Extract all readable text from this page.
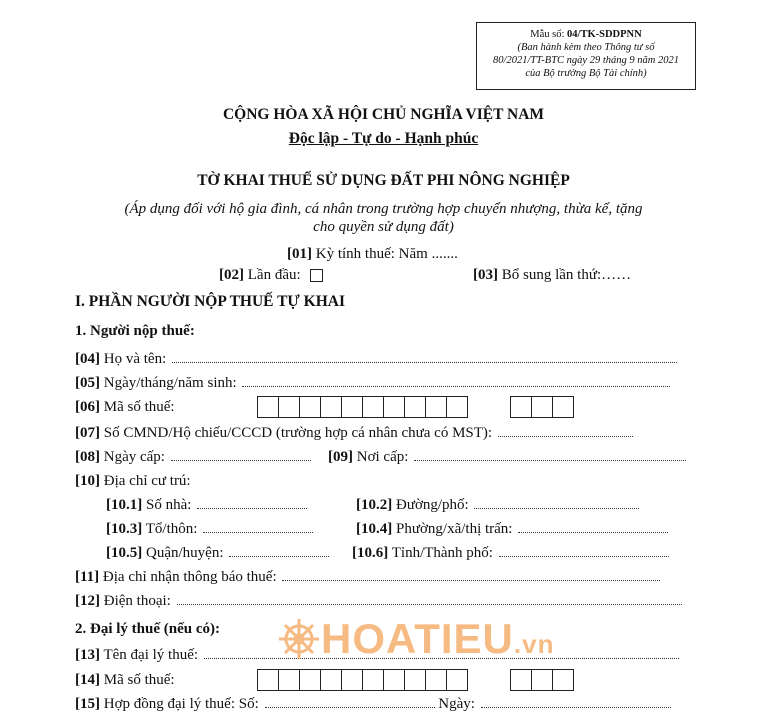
Mẫu số: 04/TK-SDDPNN
(Ban hành kèm theo Thông tư số
80/2021/TT-BTC ngày 29 tháng 9 năm 2021
của Bộ trưởng Bộ Tài chính)
CỘNG HÒA XÃ HỘI CHỦ NGHĨA VIỆT NAM
Độc lập - Tự do - Hạnh phúc
TỜ KHAI THUẾ SỬ DỤNG ĐẤT PHI NÔNG NGHIỆP
(Áp dụng đối với hộ gia đình, cá nhân trong trường hợp chuyển nhượng, thừa kế, tặng
cho quyền sử dụng đất)
[01] Kỳ tính thuế: Năm .......
[02] Lần đầu:	[03] Bổ sung lần thứ:……
I. PHẦN NGƯỜI NỘP THUẾ TỰ KHAI
1. Người nộp thuế:
[04] Họ và tên:
[05] Ngày/tháng/năm sinh:
[06] Mã số thuế:
[07] Số CMND/Hộ chiếu/CCCD (trường hợp cá nhân chưa có MST):
[08] Ngày cấp:	[09] Nơi cấp:
[10] Địa chỉ cư trú:
[10.1] Số nhà:	[10.2] Đường/phố:
[10.3] Tổ/thôn:	[10.4] Phường/xã/thị trấn:
[10.5] Quận/huyện:	[10.6] Tỉnh/Thành phố:
[11] Địa chỉ nhận thông báo thuế:
[12] Điện thoại:
2. Đại lý thuế (nếu có):
[13] Tên đại lý thuế:
[14] Mã số thuế:
[15] Hợp đồng đại lý thuế: Số:	Ngày:
HOATIEU.vn
